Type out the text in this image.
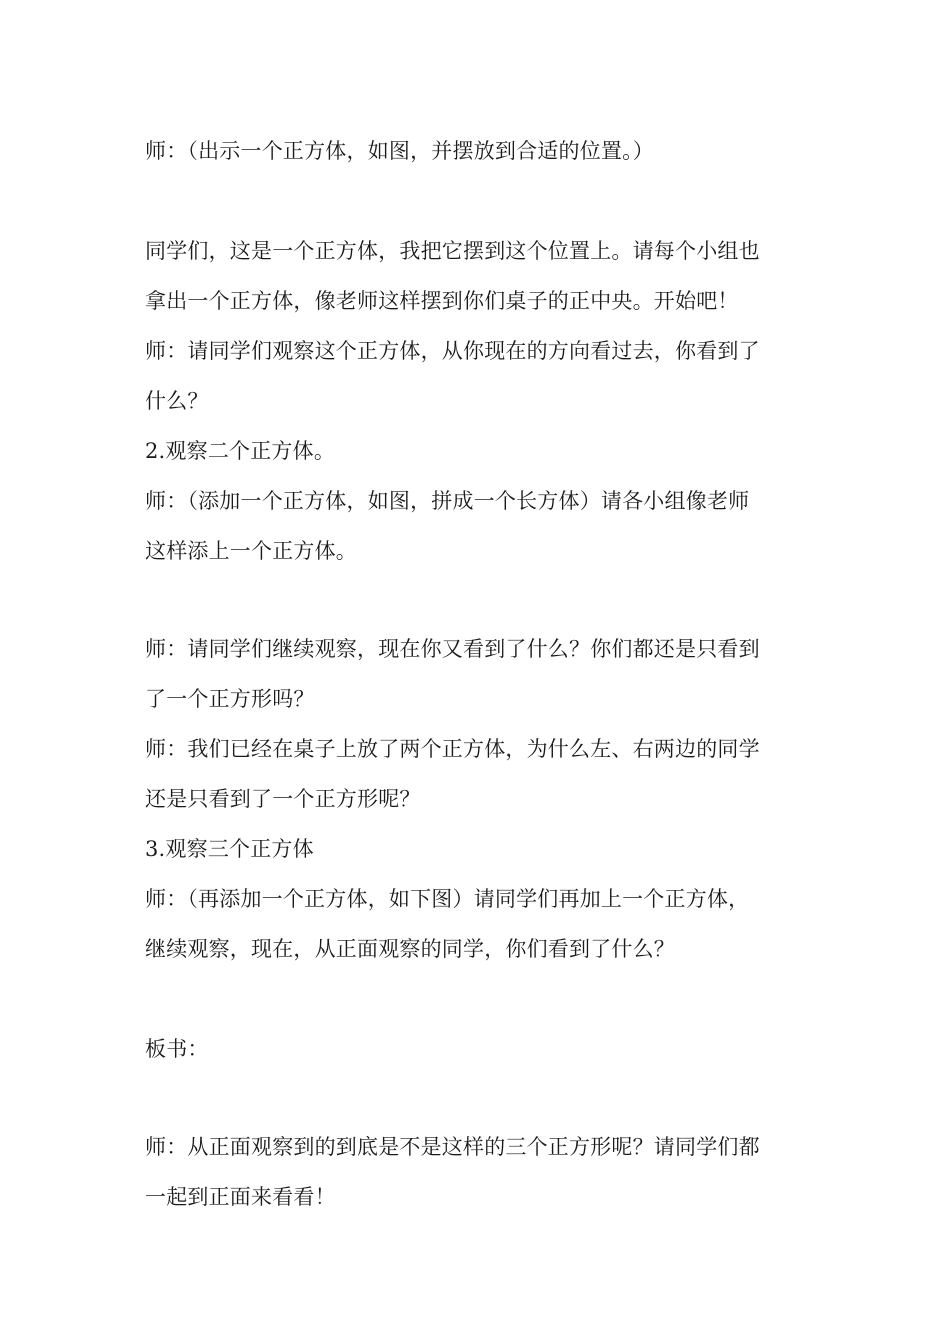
师：（出示一个正方体，如图，并摆放到合适的位置。）
同学们，这是一个正方体，我把它摆到这个位置上。请每个小组也
拿出一个正方体，像老师这样摆到你们桌子的正中央。开始吧！
师：请同学们观察这个正方体，从你现在的方向看过去，你看到了
什么？
2.观察二个正方体。
师：（添加一个正方体，如图，拼成一个长方体）请各小组像老师
这样添上一个正方体。
师：请同学们继续观察，现在你又看到了什么？你们都还是只看到
了一个正方形吗？
师：我们已经在桌子上放了两个正方体，为什么左、右两边的同学
还是只看到了一个正方形呢？
3.观察三个正方体
师：（再添加一个正方体，如下图）请同学们再加上一个正方体，
继续观察，现在，从正面观察的同学，你们看到了什么？
板书：
师：从正面观察到的到底是不是这样的三个正方形呢？请同学们都
一起到正面来看看！
